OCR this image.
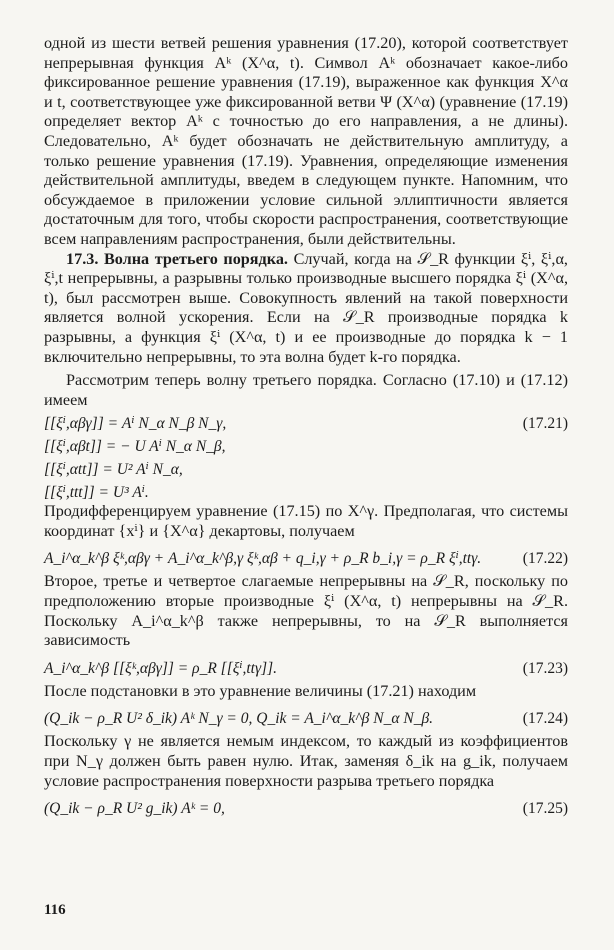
одной из шести ветвей решения уравнения (17.20), которой соответствует непрерывная функция Aᵏ (X^α, t). Символ Aᵏ обозначает какое-либо фиксированное решение уравнения (17.19), выраженное как функция X^α и t, соответствующее уже фиксированной ветви Ψ (X^α) (уравнение (17.19) определяет вектор Aᵏ с точностью до его направления, а не длины). Следовательно, Aᵏ будет обозначать не действительную амплитуду, а только решение уравнения (17.19). Уравнения, определяющие изменения действительной амплитуды, введем в следующем пункте. Напомним, что обсуждаемое в приложении условие сильной эллиптичности является достаточным для того, чтобы скорости распространения, соответствующие всем направлениям распространения, были действительны.

17.3. Волна третьего порядка. Случай, когда на 𝒮_R функции ξⁱ, ξⁱ,α, ξⁱ,t непрерывны, а разрывны только производные высшего порядка ξⁱ (X^α, t), был рассмотрен выше. Совокупность явлений на такой поверхности является волной ускорения. Если на 𝒮_R производные порядка k разрывны, а функция ξⁱ (X^α, t) и ее производные до порядка k − 1 включительно непрерывны, то эта волна будет k-го порядка.

Рассмотрим теперь волну третьего порядка. Согласно (17.10) и (17.12) имеем

[[ξⁱ,αβγ]] = Aⁱ N_α N_β N_γ,	(17.21)
[[ξⁱ,αβt]] = − U Aⁱ N_α N_β,
[[ξⁱ,αtt]] = U² Aⁱ N_α,
[[ξⁱ,ttt]] = U³ Aⁱ.

Продифференцируем уравнение (17.15) по X^γ. Предполагая, что системы координат {xⁱ} и {X^α} декартовы, получаем

A_i^α_k^β ξᵏ,αβγ + A_i^α_k^β,γ ξᵏ,αβ + q_i,γ + ρ_R b_i,γ = ρ_R ξⁱ,ttγ.	(17.22)

Второе, третье и четвертое слагаемые непрерывны на 𝒮_R, поскольку по предположению вторые производные ξⁱ (X^α, t) непрерывны на 𝒮_R. Поскольку A_i^α_k^β также непрерывны, то на 𝒮_R выполняется зависимость

A_i^α_k^β [[ξᵏ,αβγ]] = ρ_R [[ξⁱ,ttγ]].	(17.23)

После подстановки в это уравнение величины (17.21) находим

(Q_ik − ρ_R U² δ_ik) Aᵏ N_γ = 0, Q_ik = A_i^α_k^β N_α N_β.	(17.24)

Поскольку γ не является немым индексом, то каждый из коэффициентов при N_γ должен быть равен нулю. Итак, заменяя δ_ik на g_ik, получаем условие распространения поверхности разрыва третьего порядка

(Q_ik − ρ_R U² g_ik) Aᵏ = 0,	(17.25)
116
